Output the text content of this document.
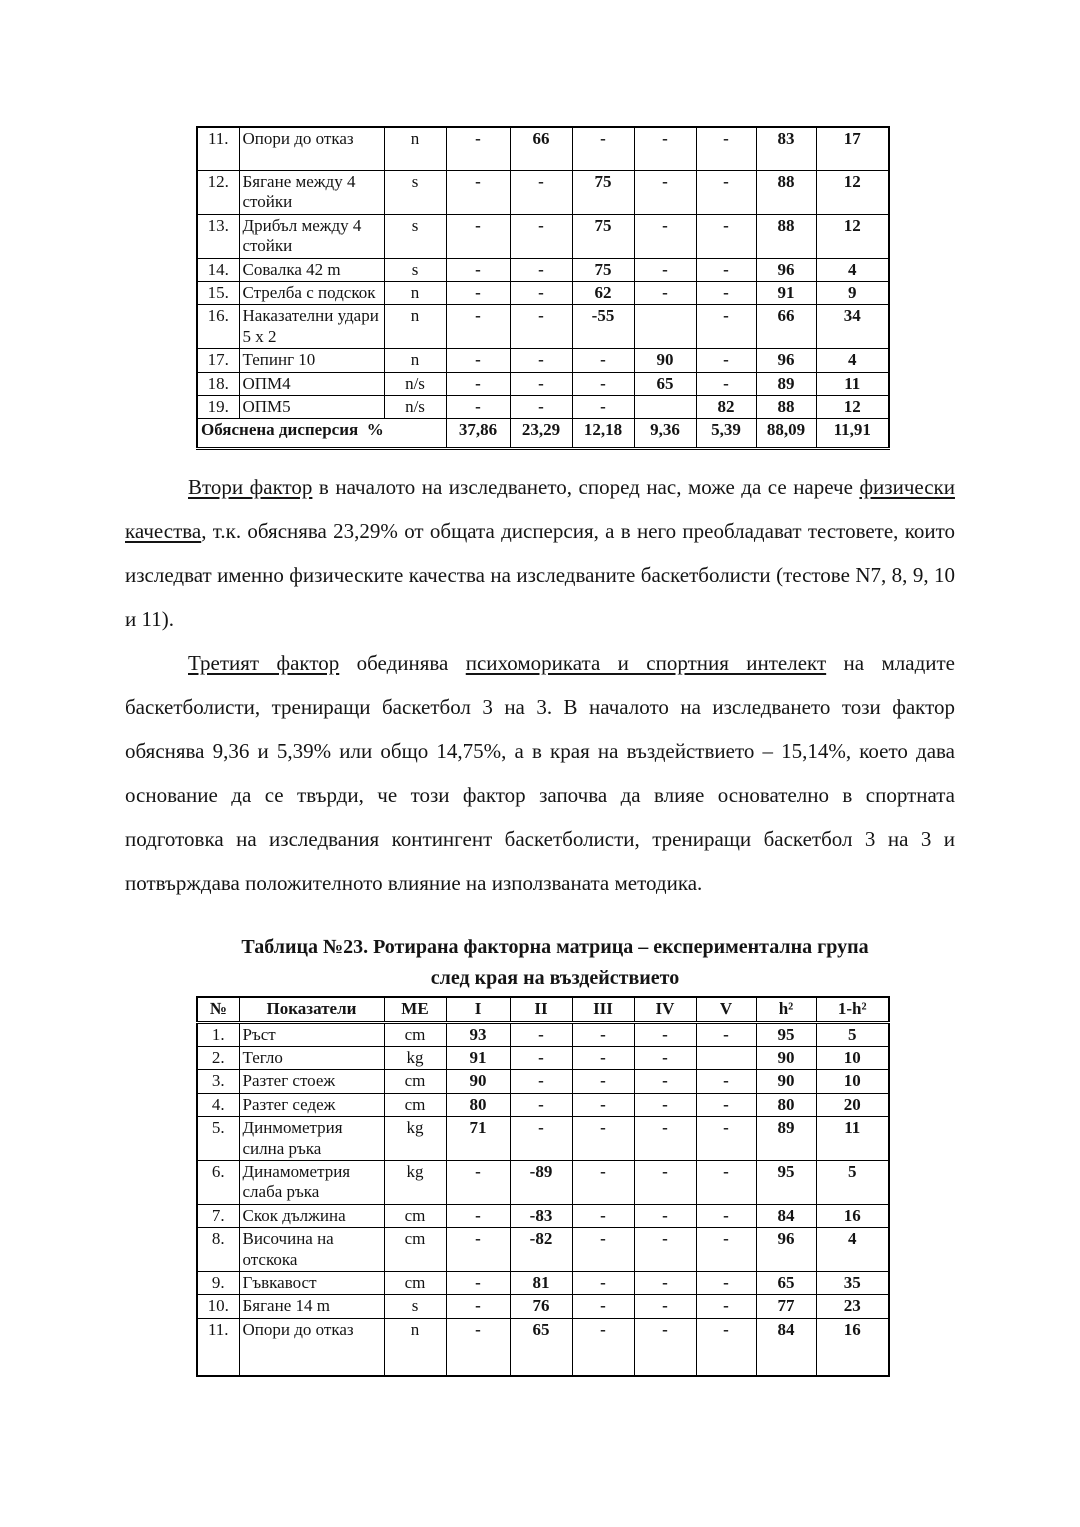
11.	Опори до отказ	n	-	66	-	-	-	83	17
12.	Бягане между 4 стойки	s	-	-	75	-	-	88	12
13.	Дрибъл между 4 стойки	s	-	-	75	-	-	88	12
14.	Совалка 42 m	s	-	-	75	-	-	96	4
15.	Стрелба с подскок	n	-	-	62	-	-	91	9
16.	Наказателни удари 5 x 2	n	-	-	-55		-	66	34
17.	Тепинг 10	n	-	-	-	90	-	96	4
18.	ОПМ4	n/s	-	-	-	65	-	89	11
19.	ОПМ5	n/s	-	-	-		82	88	12
Обяснена дисперсия  %			37,86	23,29	12,18	9,36	5,39	88,09	11,91

Втори фактор в началото на изследването, според нас, може да се нарече физически качества, т.к. обяснява 23,29% от общата дисперсия, а в него преобладават тестовете, които изследват именно физическите качества на изследваните баскетболисти (тестове N7, 8, 9, 10 и 11).

Третият фактор обединява психомориката и спортния интелект на младите баскетболисти, трениращи баскетбол 3 на 3. В началото на изследването този фактор обяснява 9,36 и 5,39% или общо 14,75%, а в края на въздействието – 15,14%, което дава основание да се твърди, че този фактор започва да влияе основателно в спортната подготовка на изследвания контингент баскетболисти, трениращи баскетбол 3 на 3 и потвърждава положителното влияние на използваната методика.

Таблица №23. Ротирана факторна матрица – експериментална група
след края на въздействието
№	Показатели	МЕ	I	II	III	IV	V	h²	1-h²
1.	Ръст	cm	93	-	-	-	-	95	5
2.	Тегло	kg	91	-	-	-		90	10
3.	Разтег стоеж	cm	90	-	-	-	-	90	10
4.	Разтег седеж	cm	80	-	-	-	-	80	20
5.	Динмометрия силна ръка	kg	71	-	-	-	-	89	11
6.	Динамометрия слаба ръка	kg	-	-89	-	-	-	95	5
7.	Скок дължина	cm	-	-83	-	-	-	84	16
8.	Височина на отскока	cm	-	-82	-	-	-	96	4
9.	Гъвкавост	cm	-	81	-	-	-	65	35
10.	Бягане 14 m	s	-	76	-	-	-	77	23
11.	Опори до отказ	n	-	65	-	-	-	84	16
